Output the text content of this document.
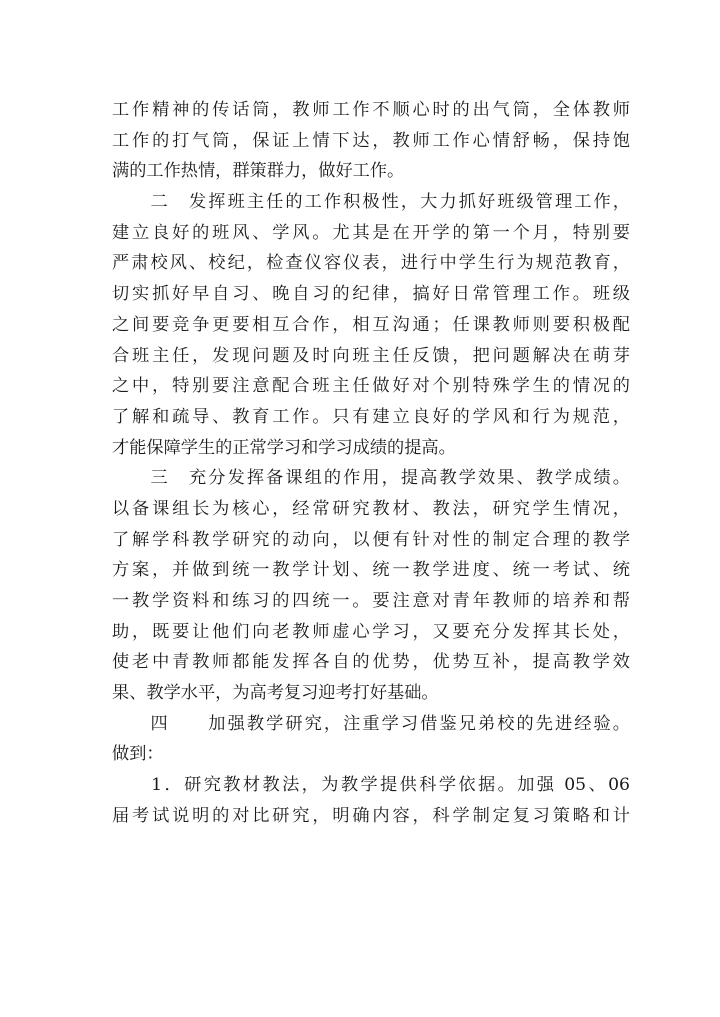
工作精神的传话筒，教师工作不顺心时的出气筒，全体教师
工作的打气筒，保证上情下达，教师工作心情舒畅，保持饱
满的工作热情，群策群力，做好工作。
　　二　发挥班主任的工作积极性，大力抓好班级管理工作，
建立良好的班风、学风。尤其是在开学的第一个月，特别要
严肃校风、校纪，检查仪容仪表，进行中学生行为规范教育，
切实抓好早自习、晚自习的纪律，搞好日常管理工作。班级
之间要竞争更要相互合作，相互沟通；任课教师则要积极配
合班主任，发现问题及时向班主任反馈，把问题解决在萌芽
之中，特别要注意配合班主任做好对个别特殊学生的情况的
了解和疏导、教育工作。只有建立良好的学风和行为规范，
才能保障学生的正常学习和学习成绩的提高。
　　三　充分发挥备课组的作用，提高教学效果、教学成绩。
以备课组长为核心，经常研究教材、教法，研究学生情况，
了解学科教学研究的动向，以便有针对性的制定合理的教学
方案，并做到统一教学计划、统一教学进度、统一考试、统
一教学资料和练习的四统一。要注意对青年教师的培养和帮
助，既要让他们向老教师虚心学习，又要充分发挥其长处，
使老中青教师都能发挥各自的优势，优势互补，提高教学效
果、教学水平，为高考复习迎考打好基础。
　　四　　加强教学研究，注重学习借鉴兄弟校的先进经验。
做到：
　　1．研究教材教法，为教学提供科学依据。加强 05、06
届考试说明的对比研究，明确内容，科学制定复习策略和计
